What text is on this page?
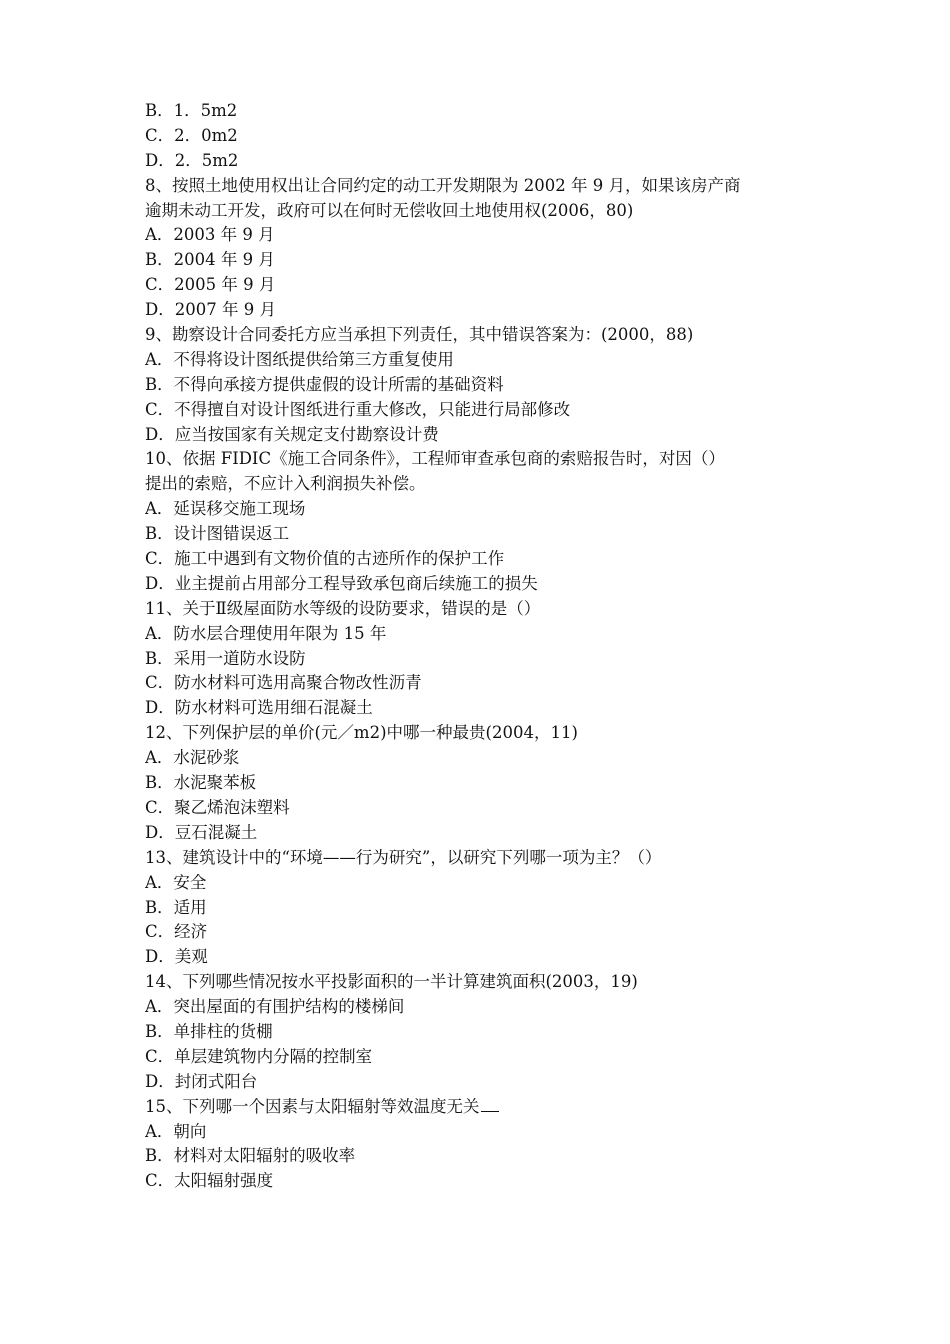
B．1．5m2
C．2．0m2
D．2．5m2
8、按照土地使用权出让合同约定的动工开发期限为 2002 年 9 月，如果该房产商
逾期未动工开发，政府可以在何时无偿收回土地使用权(2006，80)
A．2003 年 9 月
B．2004 年 9 月
C．2005 年 9 月
D．2007 年 9 月
9、勘察设计合同委托方应当承担下列责任，其中错误答案为：(2000，88)
A．不得将设计图纸提供给第三方重复使用
B．不得向承接方提供虚假的设计所需的基础资料
C．不得擅自对设计图纸进行重大修改，只能进行局部修改
D．应当按国家有关规定支付勘察设计费
10、依据 FIDIC《施工合同条件》，工程师审查承包商的索赔报告时，对因（）
提出的索赔，不应计入利润损失补偿。
A．延误移交施工现场
B．设计图错误返工
C．施工中遇到有文物价值的古迹所作的保护工作
D．业主提前占用部分工程导致承包商后续施工的损失
11、关于Ⅱ级屋面防水等级的设防要求，错误的是（）
A．防水层合理使用年限为 15 年
B．采用一道防水设防
C．防水材料可选用高聚合物改性沥青
D．防水材料可选用细石混凝土
12、下列保护层的单价(元／m2)中哪一种最贵(2004，11)
A．水泥砂浆
B．水泥聚苯板
C．聚乙烯泡沫塑料
D．豆石混凝土
13、建筑设计中的“环境——行为研究”，以研究下列哪一项为主？（）
A．安全
B．适用
C．经济
D．美观
14、下列哪些情况按水平投影面积的一半计算建筑面积(2003，19)
A．突出屋面的有围护结构的楼梯间
B．单排柱的货棚
C．单层建筑物内分隔的控制室
D．封闭式阳台
15、下列哪一个因素与太阳辐射等效温度无关
A．朝向
B．材料对太阳辐射的吸收率
C．太阳辐射强度
